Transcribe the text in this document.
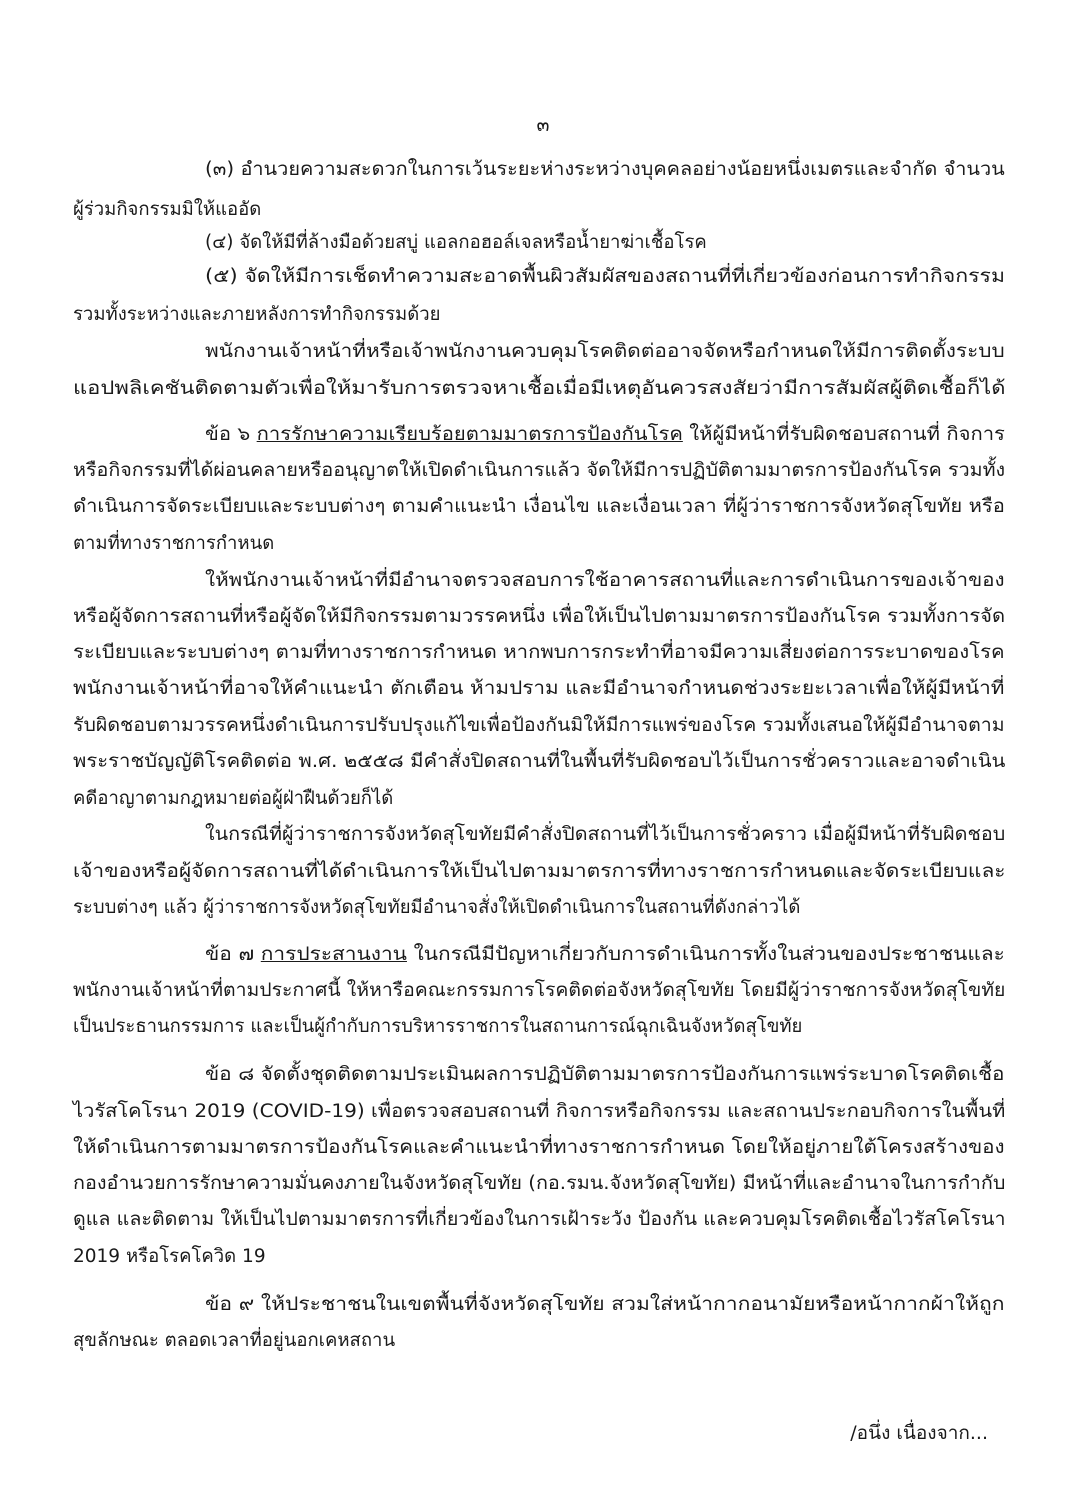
๓
(๓) อำนวยความสะดวกในการเว้นระยะห่างระหว่างบุคคลอย่างน้อยหนึ่งเมตรและจำกัด จำนวน
ผู้ร่วมกิจกรรมมิให้แออัด
(๔) จัดให้มีที่ล้างมือด้วยสบู่ แอลกอฮอล์เจลหรือน้ำยาฆ่าเชื้อโรค
(๕) จัดให้มีการเช็ดทำความสะอาดพื้นผิวสัมผัสของสถานที่ที่เกี่ยวข้องก่อนการทำกิจกรรม
รวมทั้งระหว่างและภายหลังการทำกิจกรรมด้วย
พนักงานเจ้าหน้าที่หรือเจ้าพนักงานควบคุมโรคติดต่ออาจจัดหรือกำหนดให้มีการติดตั้งระบบ
แอปพลิเคชันติดตามตัวเพื่อให้มารับการตรวจหาเชื้อเมื่อมีเหตุอันควรสงสัยว่ามีการสัมผัสผู้ติดเชื้อก็ได้
ข้อ ๖ การรักษาความเรียบร้อยตามมาตรการป้องกันโรค ให้ผู้มีหน้าที่รับผิดชอบสถานที่ กิจการ
หรือกิจกรรมที่ได้ผ่อนคลายหรืออนุญาตให้เปิดดำเนินการแล้ว จัดให้มีการปฏิบัติตามมาตรการป้องกันโรค รวมทั้ง
ดำเนินการจัดระเบียบและระบบต่างๆ ตามคำแนะนำ เงื่อนไข และเงื่อนเวลา ที่ผู้ว่าราชการจังหวัดสุโขทัย หรือ
ตามที่ทางราชการกำหนด
ให้พนักงานเจ้าหน้าที่มีอำนาจตรวจสอบการใช้อาคารสถานที่และการดำเนินการของเจ้าของ
หรือผู้จัดการสถานที่หรือผู้จัดให้มีกิจกรรมตามวรรคหนึ่ง เพื่อให้เป็นไปตามมาตรการป้องกันโรค รวมทั้งการจัด
ระเบียบและระบบต่างๆ ตามที่ทางราชการกำหนด หากพบการกระทำที่อาจมีความเสี่ยงต่อการระบาดของโรค
พนักงานเจ้าหน้าที่อาจให้คำแนะนำ ตักเตือน ห้ามปราม และมีอำนาจกำหนดช่วงระยะเวลาเพื่อให้ผู้มีหน้าที่
รับผิดชอบตามวรรคหนึ่งดำเนินการปรับปรุงแก้ไขเพื่อป้องกันมิให้มีการแพร่ของโรค รวมทั้งเสนอให้ผู้มีอำนาจตาม
พระราชบัญญัติโรคติดต่อ พ.ศ. ๒๕๕๘ มีคำสั่งปิดสถานที่ในพื้นที่รับผิดชอบไว้เป็นการชั่วคราวและอาจดำเนิน
คดีอาญาตามกฎหมายต่อผู้ฝ่าฝืนด้วยก็ได้
ในกรณีที่ผู้ว่าราชการจังหวัดสุโขทัยมีคำสั่งปิดสถานที่ไว้เป็นการชั่วคราว เมื่อผู้มีหน้าที่รับผิดชอบ
เจ้าของหรือผู้จัดการสถานที่ได้ดำเนินการให้เป็นไปตามมาตรการที่ทางราชการกำหนดและจัดระเบียบและ
ระบบต่างๆ แล้ว ผู้ว่าราชการจังหวัดสุโขทัยมีอำนาจสั่งให้เปิดดำเนินการในสถานที่ดังกล่าวได้
ข้อ ๗ การประสานงาน ในกรณีมีปัญหาเกี่ยวกับการดำเนินการทั้งในส่วนของประชาชนและ
พนักงานเจ้าหน้าที่ตามประกาศนี้ ให้หารือคณะกรรมการโรคติดต่อจังหวัดสุโขทัย โดยมีผู้ว่าราชการจังหวัดสุโขทัย
เป็นประธานกรรมการ และเป็นผู้กำกับการบริหารราชการในสถานการณ์ฉุกเฉินจังหวัดสุโขทัย
ข้อ ๘ จัดตั้งชุดติดตามประเมินผลการปฏิบัติตามมาตรการป้องกันการแพร่ระบาดโรคติดเชื้อ
ไวรัสโคโรนา 2019 (COVID-19) เพื่อตรวจสอบสถานที่ กิจการหรือกิจกรรม และสถานประกอบกิจการในพื้นที่
ให้ดำเนินการตามมาตรการป้องกันโรคและคำแนะนำที่ทางราชการกำหนด โดยให้อยู่ภายใต้โครงสร้างของ
กองอำนวยการรักษาความมั่นคงภายในจังหวัดสุโขทัย (กอ.รมน.จังหวัดสุโขทัย) มีหน้าที่และอำนาจในการกำกับ
ดูแล และติดตาม ให้เป็นไปตามมาตรการที่เกี่ยวข้องในการเฝ้าระวัง ป้องกัน และควบคุมโรคติดเชื้อไวรัสโคโรนา
2019 หรือโรคโควิด 19
ข้อ ๙ ให้ประชาชนในเขตพื้นที่จังหวัดสุโขทัย สวมใส่หน้ากากอนามัยหรือหน้ากากผ้าให้ถูก
สุขลักษณะ ตลอดเวลาที่อยู่นอกเคหสถาน
/อนึ่ง เนื่องจาก...
